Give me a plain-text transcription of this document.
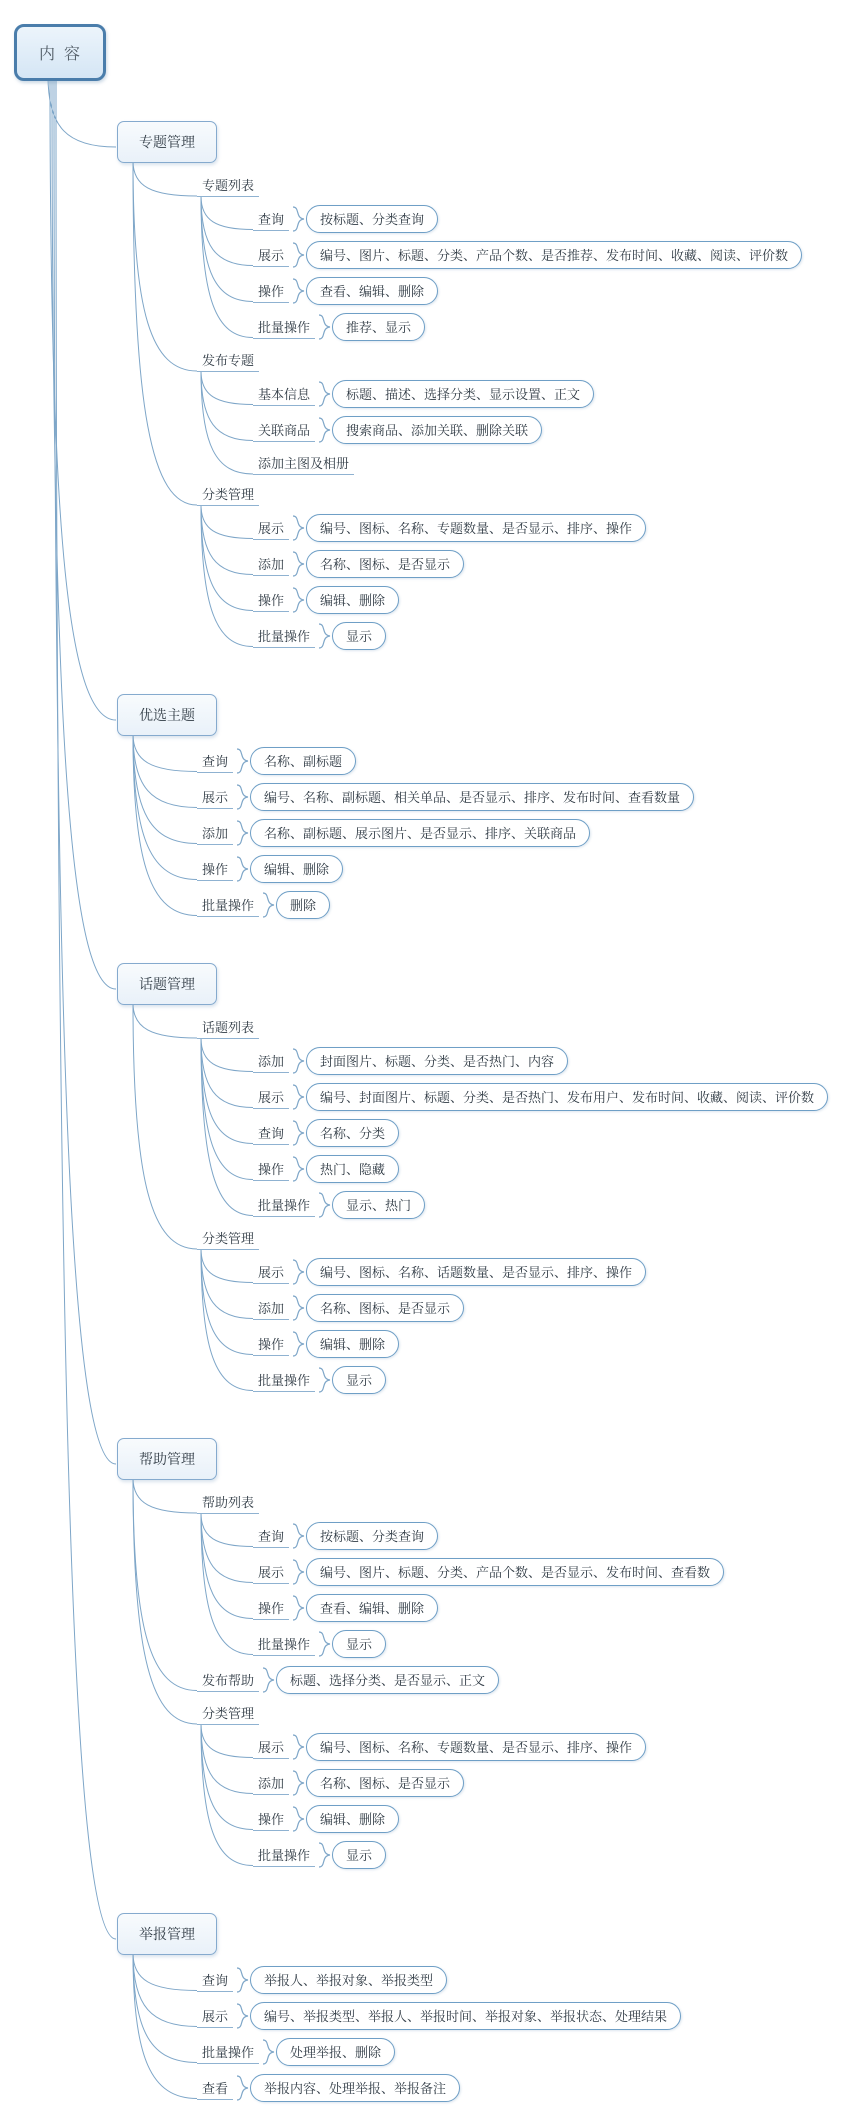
内容
专题管理
专题列表
查询	按标题、分类查询
展示	编号、图片、标题、分类、产品个数、是否推荐、发布时间、收藏、阅读、评价数
操作	查看、编辑、删除
批量操作	推荐、显示
发布专题
基本信息	标题、描述、选择分类、显示设置、正文
关联商品	搜索商品、添加关联、删除关联
添加主图及相册
分类管理
展示	编号、图标、名称、专题数量、是否显示、排序、操作
添加	名称、图标、是否显示
操作	编辑、删除
批量操作	显示
优选主题
查询	名称、副标题
展示	编号、名称、副标题、相关单品、是否显示、排序、发布时间、查看数量
添加	名称、副标题、展示图片、是否显示、排序、关联商品
操作	编辑、删除
批量操作	删除
话题管理
话题列表
添加	封面图片、标题、分类、是否热门、内容
展示	编号、封面图片、标题、分类、是否热门、发布用户、发布时间、收藏、阅读、评价数
查询	名称、分类
操作	热门、隐藏
批量操作	显示、热门
分类管理
展示	编号、图标、名称、话题数量、是否显示、排序、操作
添加	名称、图标、是否显示
操作	编辑、删除
批量操作	显示
帮助管理
帮助列表
查询	按标题、分类查询
展示	编号、图片、标题、分类、产品个数、是否显示、发布时间、查看数
操作	查看、编辑、删除
批量操作	显示
发布帮助	标题、选择分类、是否显示、正文
分类管理
展示	编号、图标、名称、专题数量、是否显示、排序、操作
添加	名称、图标、是否显示
操作	编辑、删除
批量操作	显示
举报管理
查询	举报人、举报对象、举报类型
展示	编号、举报类型、举报人、举报时间、举报对象、举报状态、处理结果
批量操作	处理举报、删除
查看	举报内容、处理举报、举报备注
